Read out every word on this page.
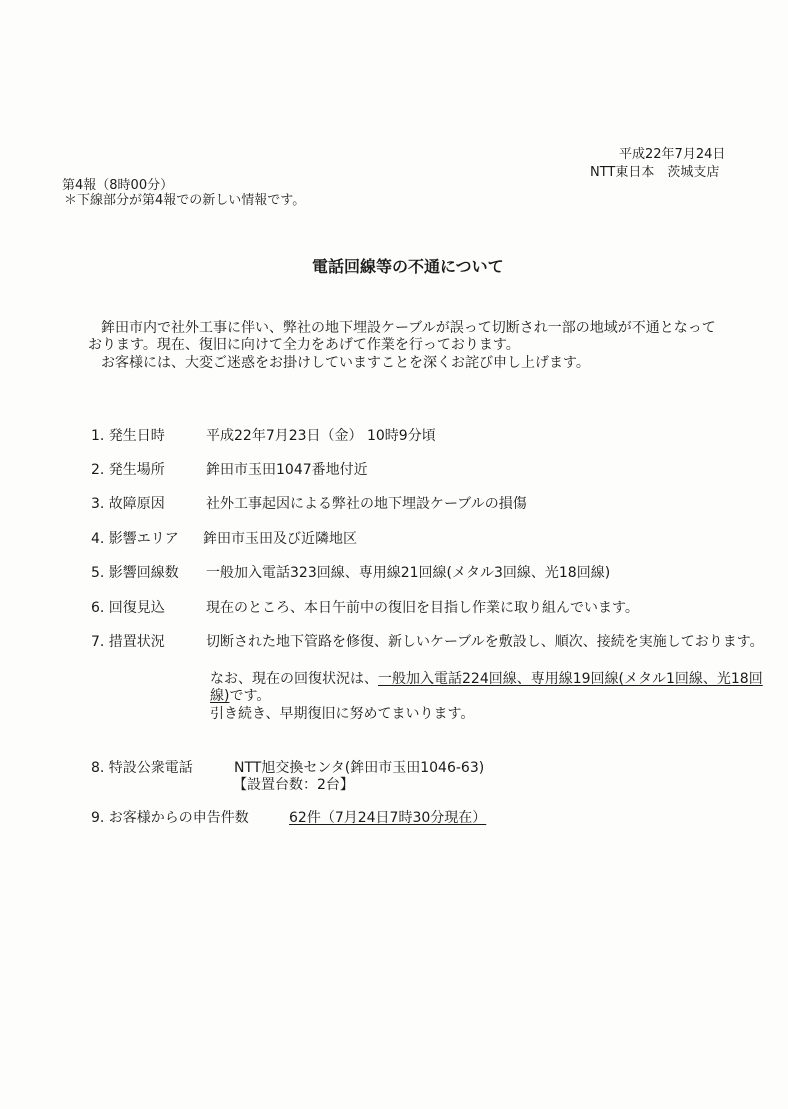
平成22年7月24日
NTT東日本　茨城支店
第4報（8時00分）
＊下線部分が第4報での新しい情報です。
電話回線等の不通について
鉾田市内で社外工事に伴い、弊社の地下埋設ケーブルが誤って切断され一部の地域が不通となって
おります。現在、復旧に向けて全力をあげて作業を行っております。
お客様には、大変ご迷惑をお掛けしていますことを深くお詫び申し上げます。
1. 発生日時	平成22年7月23日（金） 10時9分頃
2. 発生場所	鉾田市玉田1047番地付近
3. 故障原因	社外工事起因による弊社の地下埋設ケーブルの損傷
4. 影響エリア 鉾田市玉田及び近隣地区
5. 影響回線数 一般加入電話323回線、専用線21回線(メタル3回線、光18回線)
6. 回復見込	現在のところ、本日午前中の復旧を目指し作業に取り組んでいます。
7. 措置状況	切断された地下管路を修復、新しいケーブルを敷設し、順次、接続を実施しております。
なお、現在の回復状況は、一般加入電話224回線、専用線19回線(メタル1回線、光18回
線)です。
引き続き、早期復旧に努めてまいります。
8. 特設公衆電話	NTT旭交換センタ(鉾田市玉田1046-63)
【設置台数：2台】
9. お客様からの申告件数	62件（7月24日7時30分現在）
